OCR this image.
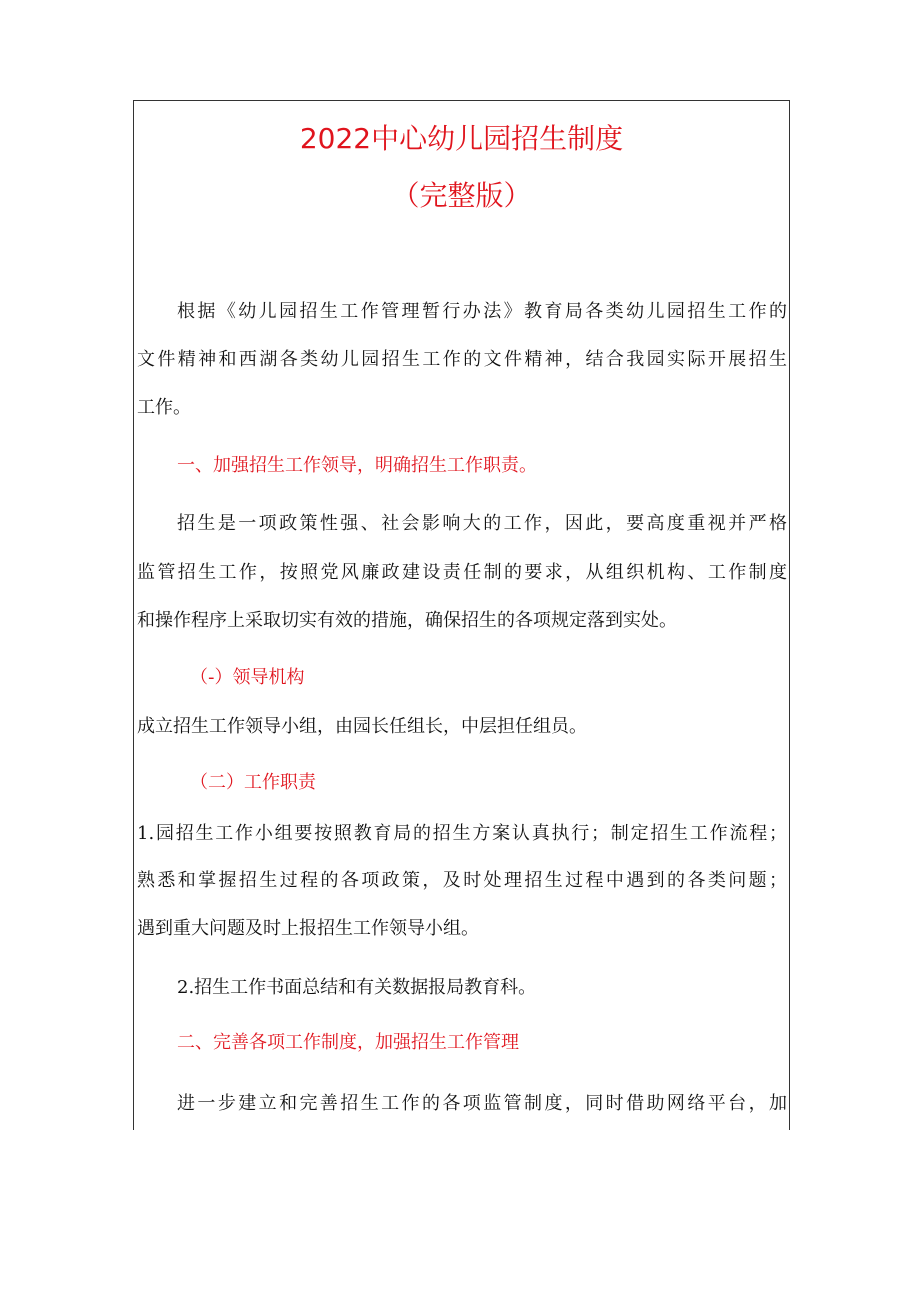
2022中心幼儿园招生制度
（完整版）
根据《幼儿园招生工作管理暂行办法》教育局各类幼儿园招生工作的
文件精神和西湖各类幼儿园招生工作的文件精神，结合我园实际开展招生
工作。
一、加强招生工作领导，明确招生工作职责。
招生是一项政策性强、社会影响大的工作，因此，要高度重视并严格
监管招生工作，按照党风廉政建设责任制的要求，从组织机构、工作制度
和操作程序上采取切实有效的措施，确保招生的各项规定落到实处。
（-）领导机构
成立招生工作领导小组，由园长任组长，中层担任组员。
（二）工作职责
1.园招生工作小组要按照教育局的招生方案认真执行；制定招生工作流程；
熟悉和掌握招生过程的各项政策，及时处理招生过程中遇到的各类问题；
遇到重大问题及时上报招生工作领导小组。
2.招生工作书面总结和有关数据报局教育科。
二、完善各项工作制度，加强招生工作管理
进一步建立和完善招生工作的各项监管制度，同时借助网络平台，加
